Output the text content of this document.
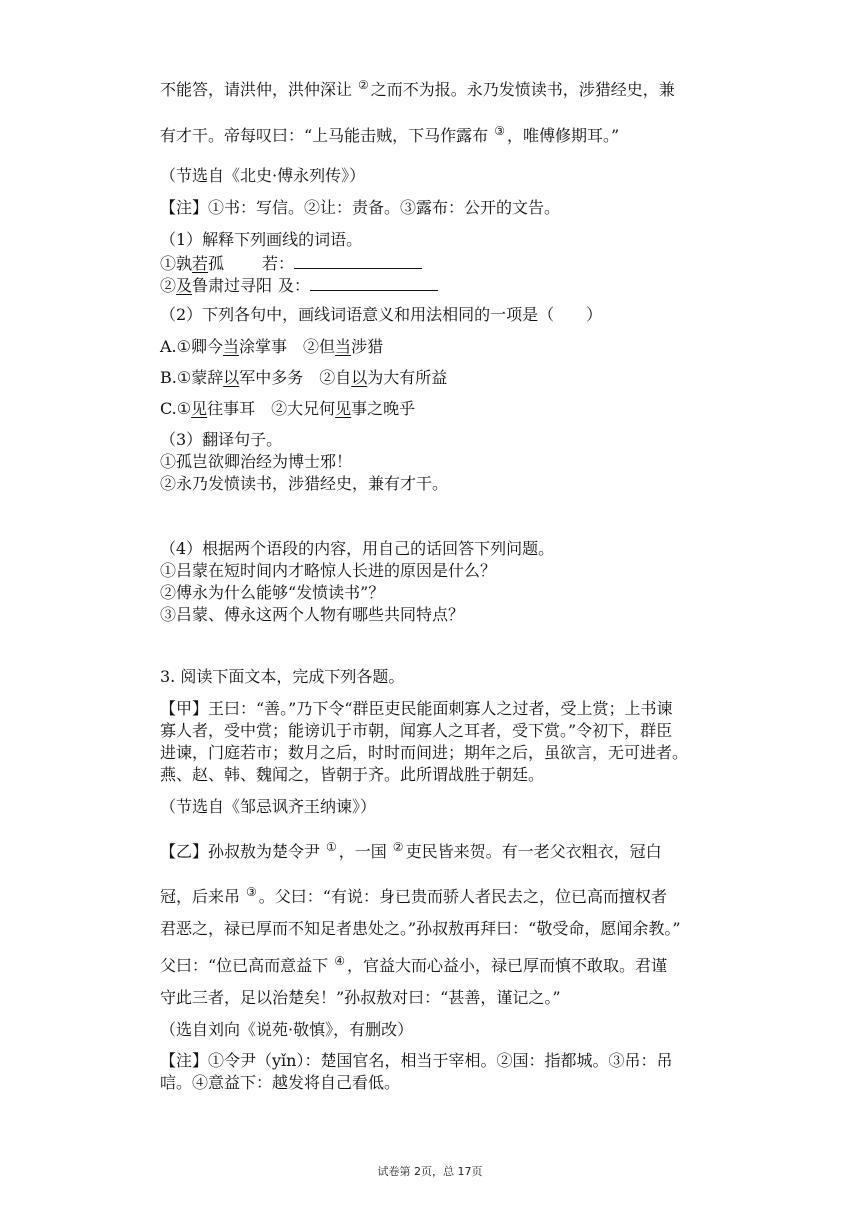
不能答，请洪仲，洪仲深让 ② 之而不为报。永乃发愤读书，涉猎经史，兼
有才干。帝每叹曰：“上马能击贼，下马作露布 ③ ，唯傅修期耳。”
（节选自《北史·傅永列传》）
【注】①书：写信。②让：责备。③露布：公开的文告。
（1）解释下列画线的词语。
①孰若孤 若：
②及鲁肃过寻阳 及：
（2）下列各句中，画线词语意义和用法相同的一项是（　　）
A.①卿今当涂掌事 ②但当涉猎
B.①蒙辞以军中多务 ②自以为大有所益
C.①见往事耳 ②大兄何见事之晚乎
（3）翻译句子。
①孤岂欲卿治经为博士邪！
②永乃发愤读书，涉猎经史，兼有才干。
（4）根据两个语段的内容，用自己的话回答下列问题。
①吕蒙在短时间内才略惊人长进的原因是什么？
②傅永为什么能够“发愤读书”？
③吕蒙、傅永这两个人物有哪些共同特点？
3. 阅读下面文本，完成下列各题。
【甲】王曰：“善。”乃下令“群臣吏民能面刺寡人之过者，受上赏；上书谏
寡人者，受中赏；能谤讥于市朝，闻寡人之耳者，受下赏。”令初下，群臣
进谏，门庭若市；数月之后，时时而间进；期年之后，虽欲言，无可进者。
燕、赵、韩、魏闻之，皆朝于齐。此所谓战胜于朝廷。
（节选自《邹忌讽齐王纳谏》）
【乙】孙叔敖为楚令尹 ① ，一国 ② 吏民皆来贺。有一老父衣粗衣，冠白
冠，后来吊 ③ 。父曰：“有说：身已贵而骄人者民去之，位已高而擅权者
君恶之，禄已厚而不知足者患处之。”孙叔敖再拜曰：“敬受命，愿闻余教。”
父曰：“位已高而意益下 ④ ，官益大而心益小，禄已厚而慎不敢取。君谨
守此三者，足以治楚矣！”孙叔敖对曰：“甚善，谨记之。”
（选自刘向《说苑·敬慎》，有删改）
【注】①令尹（yǐn）：楚国官名，相当于宰相。②国：指都城。③吊：吊
唁。④意益下：越发将自己看低。
试卷第 2页，总 17页
